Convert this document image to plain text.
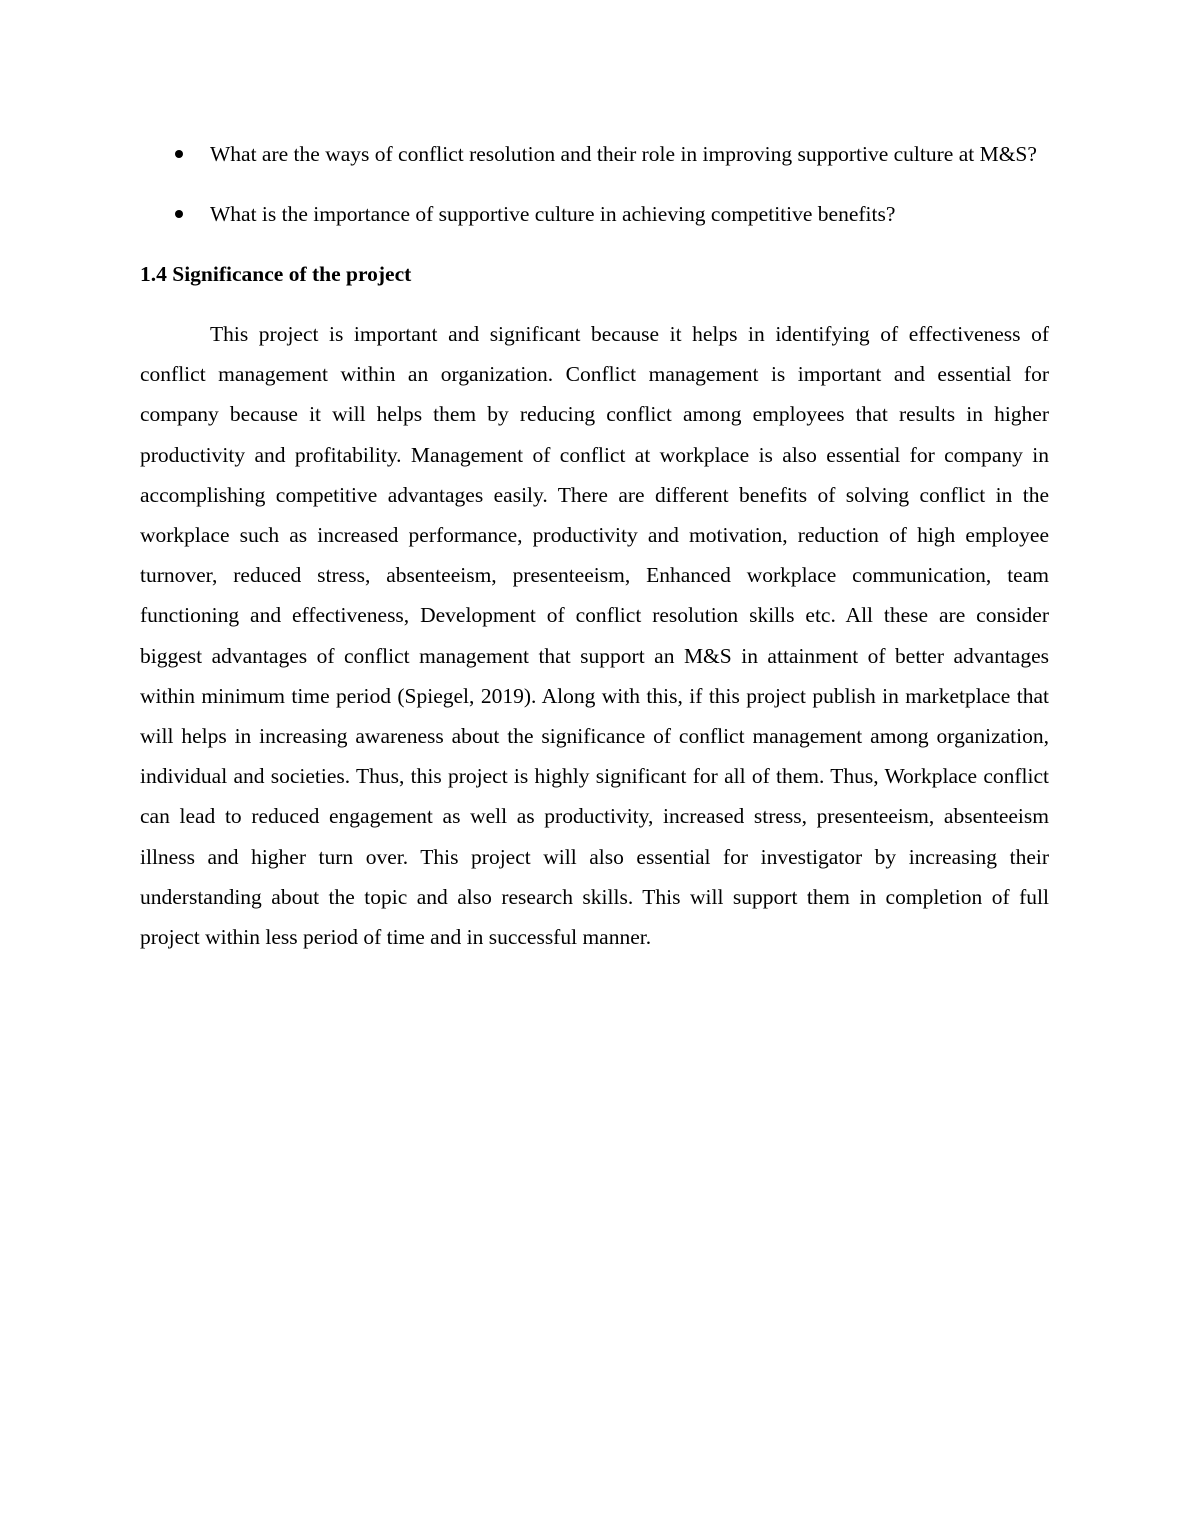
What are the ways of conflict resolution and their role in improving supportive culture at M&S?
What is the importance of supportive culture in achieving competitive benefits?
1.4 Significance of the project

This project is important and significant because it helps in identifying of effectiveness of conflict management within an organization. Conflict management is important and essential for company because it will helps them by reducing conflict among employees that results in higher productivity and profitability. Management of conflict at workplace is also essential for company in accomplishing competitive advantages easily. There are different benefits of solving conflict in the workplace such as increased performance, productivity and motivation, reduction of high employee turnover, reduced stress, absenteeism, presenteeism, Enhanced workplace communication, team functioning and effectiveness, Development of conflict resolution skills etc. All these are consider biggest advantages of conflict management that support an M&S in attainment of better advantages within minimum time period (Spiegel, 2019). Along with this, if this project publish in marketplace that will helps in increasing awareness about the significance of conflict management among organization, individual and societies. Thus, this project is highly significant for all of them. Thus, Workplace conflict can lead to reduced engagement as well as productivity, increased stress, presenteeism, absenteeism illness and higher turn over. This project will also essential for investigator by increasing their understanding about the topic and also research skills. This will support them in completion of full project within less period of time and in successful manner.
